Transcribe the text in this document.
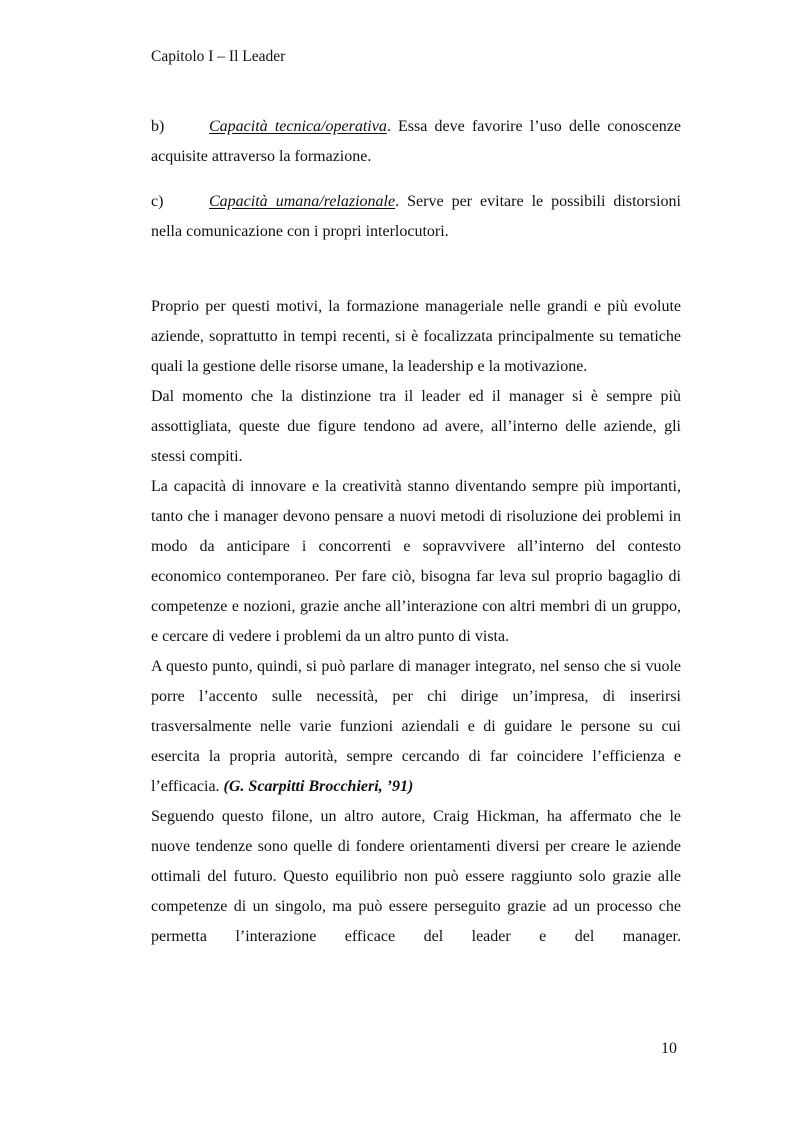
Capitolo I – Il Leader

b)	Capacità tecnica/operativa. Essa deve favorire l’uso delle conoscenze acquisite attraverso la formazione.

c)	Capacità umana/relazionale. Serve per evitare le possibili distorsioni nella comunicazione con i propri interlocutori.

Proprio per questi motivi, la formazione manageriale nelle grandi e più evolute aziende, soprattutto in tempi recenti, si è focalizzata principalmente su tematiche quali la gestione delle risorse umane, la leadership e la motivazione.

Dal momento che la distinzione tra il leader ed il manager si è sempre più assottigliata, queste due figure tendono ad avere, all’interno delle aziende, gli stessi compiti.

La capacità di innovare e la creatività stanno diventando sempre più importanti, tanto che i manager devono pensare a nuovi metodi di risoluzione dei problemi in modo da anticipare i concorrenti e sopravvivere all’interno del contesto economico contemporaneo. Per fare ciò, bisogna far leva sul proprio bagaglio di competenze e nozioni, grazie anche all’interazione con altri membri di un gruppo, e cercare di vedere i problemi da un altro punto di vista.

A questo punto, quindi, si può parlare di manager integrato, nel senso che si vuole porre l’accento sulle necessità, per chi dirige un’impresa, di inserirsi trasversalmente nelle varie funzioni aziendali e di guidare le persone su cui esercita la propria autorità, sempre cercando di far coincidere l’efficienza e l’efficacia. (G. Scarpitti Brocchieri, ’91)

Seguendo questo filone, un altro autore, Craig Hickman, ha affermato che le nuove tendenze sono quelle di fondere orientamenti diversi per creare le aziende ottimali del futuro. Questo equilibrio non può essere raggiunto solo grazie alle competenze di un singolo, ma può essere perseguito grazie ad un processo che permetta l’interazione efficace del leader e del manager.

10
